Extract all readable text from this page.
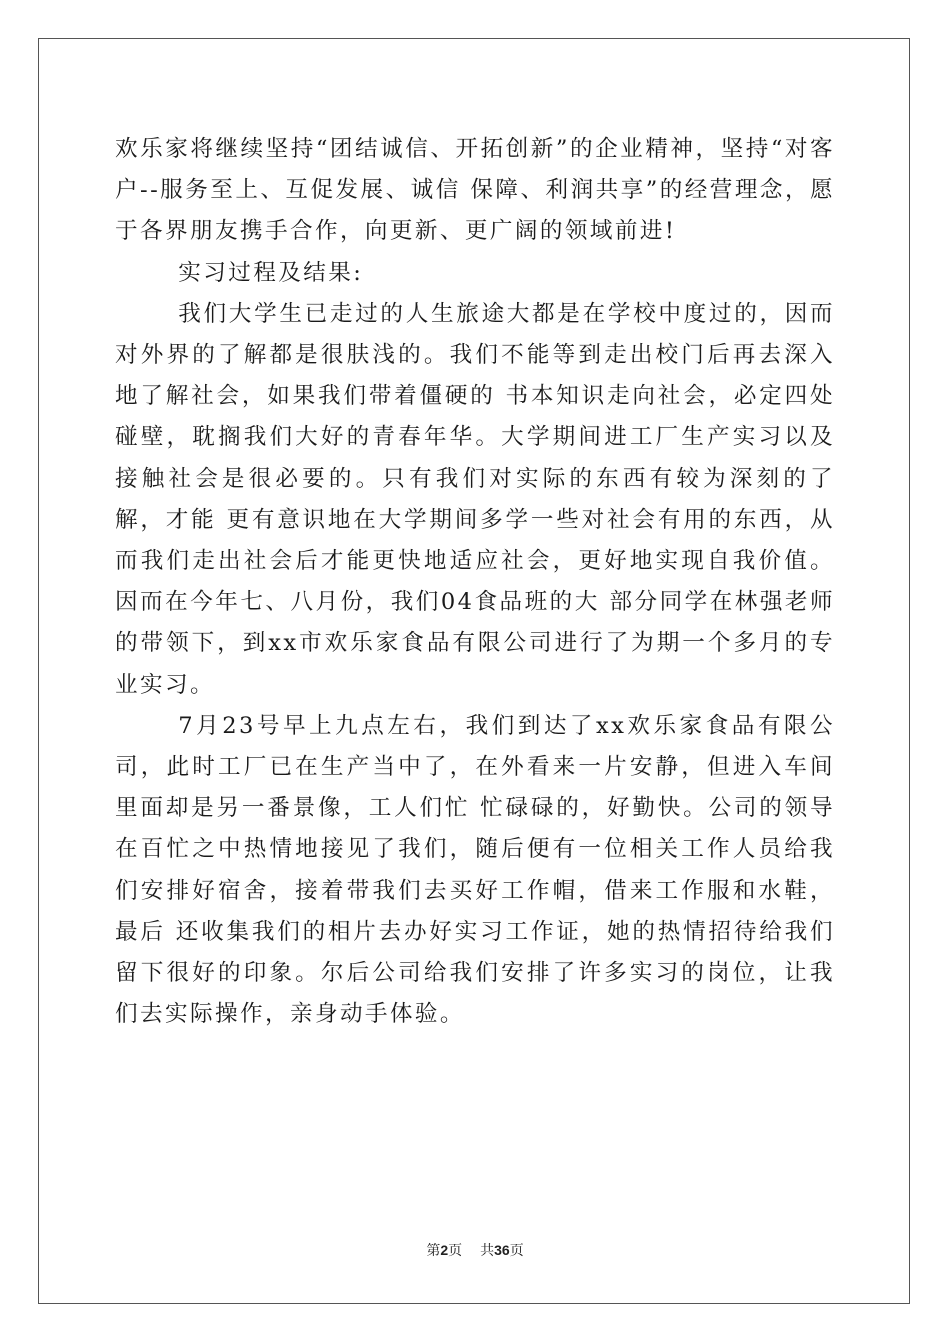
欢乐家将继续坚持“团结诚信、开拓创新”的企业精神，坚持“对客户--服务至上、互促发展、诚信 保障、利润共享”的经营理念，愿于各界朋友携手合作，向更新、更广阔的领域前进!

实习过程及结果:

我们大学生已走过的人生旅途大都是在学校中度过的，因而对外界的了解都是很肤浅的。我们不能等到走出校门后再去深入地了解社会，如果我们带着僵硬的 书本知识走向社会，必定四处碰壁，耽搁我们大好的青春年华。大学期间进工厂生产实习以及接触社会是很必要的。只有我们对实际的东西有较为深刻的了解，才能 更有意识地在大学期间多学一些对社会有用的东西，从而我们走出社会后才能更快地适应社会，更好地实现自我价值。因而在今年七、八月份，我们04食品班的大 部分同学在林强老师的带领下，到xx市欢乐家食品有限公司进行了为期一个多月的专业实习。

7月23号早上九点左右，我们到达了xx欢乐家食品有限公司，此时工厂已在生产当中了，在外看来一片安静，但进入车间里面却是另一番景像，工人们忙 忙碌碌的，好勤快。公司的领导在百忙之中热情地接见了我们，随后便有一位相关工作人员给我们安排好宿舍，接着带我们去买好工作帽，借来工作服和水鞋，最后 还收集我们的相片去办好实习工作证，她的热情招待给我们留下很好的印象。尔后公司给我们安排了许多实习的岗位，让我们去实际操作，亲身动手体验。

第2页 共36页
